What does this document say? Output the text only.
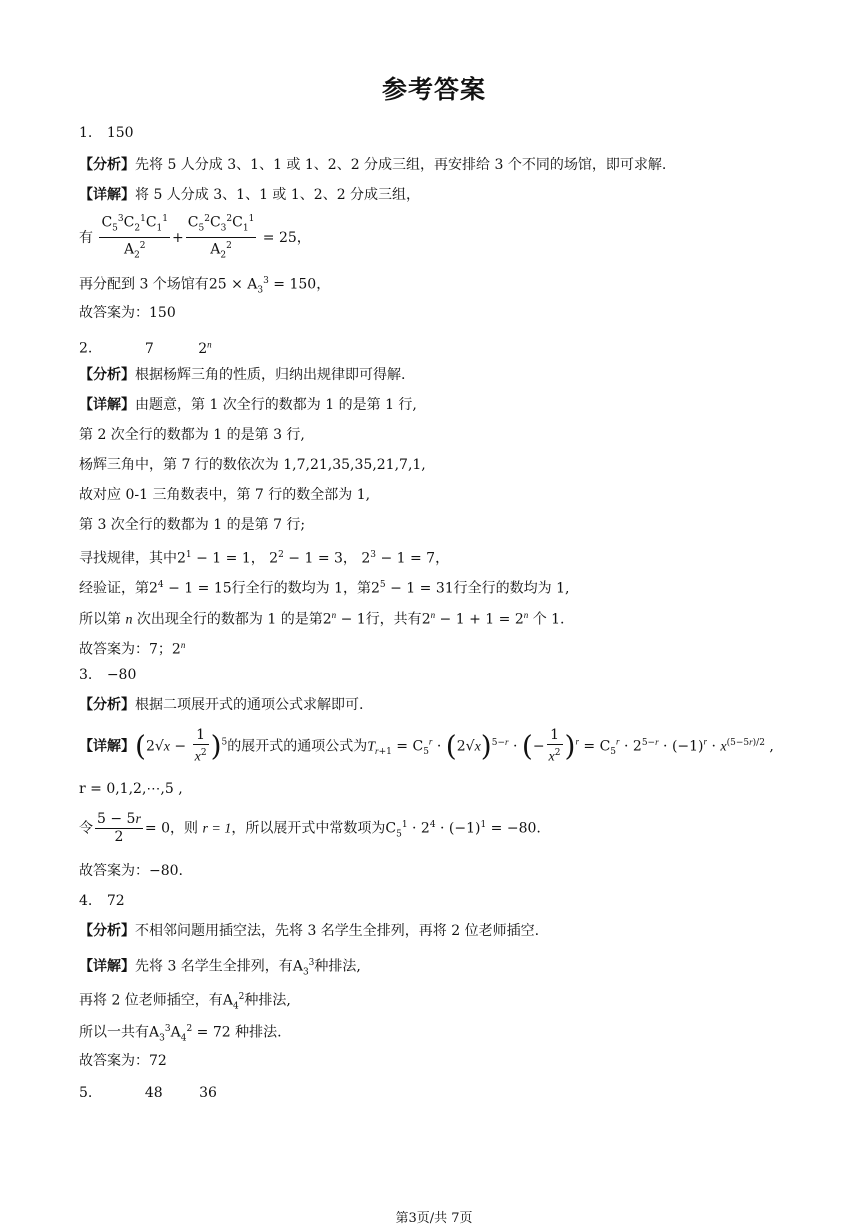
参考答案
1. 150
【分析】先将 5 人分成 3、1、1 或 1、2、2 分成三组，再安排给 3 个不同的场馆，即可求解.
【详解】将 5 人分成 3、1、1 或 1、2、2 分成三组，
有 $\frac{C_5^3C_2^1C_1^1}{A_2^2} + \frac{C_5^2C_3^2C_1^1}{A_2^2} = 25$，
再分配到 3 个场馆有$25 \times A_3^3 = 150$，
故答案为：150
2.	7	2$^n$
【分析】根据杨辉三角的性质，归纳出规律即可得解.
【详解】由题意，第 1 次全行的数都为 1 的是第 1 行,
第 2 次全行的数都为 1 的是第 3 行,
杨辉三角中，第 7 行的数依次为 1,7,21,35,35,21,7,1,
故对应 0-1 三角数表中，第 7 行的数全部为 1,
第 3 次全行的数都为 1 的是第 7 行;
寻找规律，其中$2^1 - 1 = 1$， $2^2 - 1 = 3$， $2^3 - 1 = 7$，
经验证，第$2^4 - 1 = 15$行全行的数均为 1，第$2^5 - 1 = 31$行全行的数均为 1,
所以第 n 次出现全行的数都为 1 的是第$2^n - 1$行，共有$2^n - 1 + 1 = 2^n$ 个 1.
故答案为：7；2$^n$
3. −80
【分析】根据二项展开式的通项公式求解即可.
【详解】$(2√x - \frac{1}{x^2} )^5$的展开式的通项公式为$T_{r+1} = C_5^r \cdot (2√x)^{5-r}$ · (− $\frac{1}{x^2} )^r = C_5^r \cdot 2^{5-r} \cdot (-1)^r \cdot x^{(5-5r)/2}$ ,
r = 0,1,2,⋯,5 ,
令 $\frac{5 - 5r}{2} = 0$，则 r = 1，所以展开式中常数项为$C_5^1 \cdot 2^4 \cdot (-1)^1 = -80$.
故答案为：−80.
4. 72
【分析】不相邻问题用插空法，先将 3 名学生全排列，再将 2 位老师插空.
【详解】先将 3 名学生全排列，有$A_3^3$种排法,
再将 2 位老师插空，有$A_4^2$种排法,
所以一共有$A_3^3A_4^2 = 72$ 种排法.
故答案为：72
5.	48	36
第3页/共 7页
